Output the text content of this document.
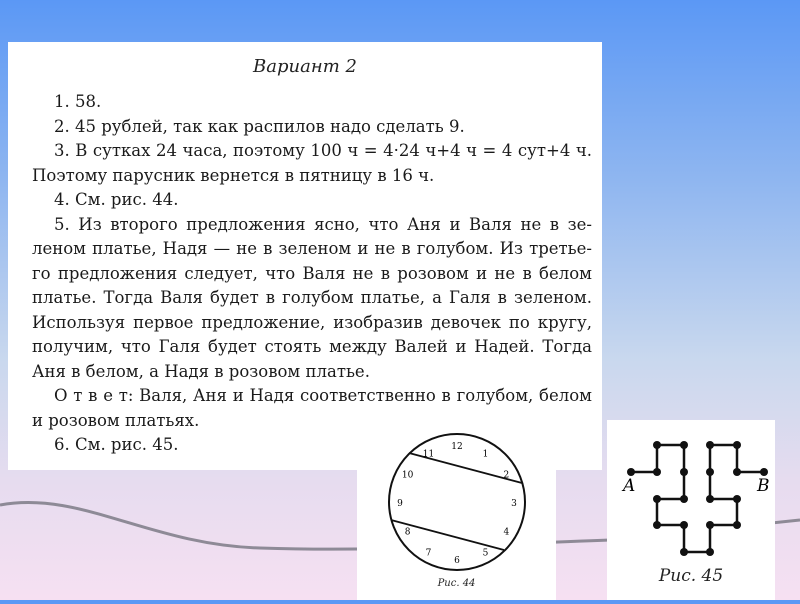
Вариант 2
1. 58.
2. 45 рублей, так как распилов надо сделать 9.
3. В сутках 24 часа, поэтому 100 ч = 4·24 ч+4 ч = 4 сут+4 ч.
Поэтому парусник вернется в пятницу в 16 ч.
4. См. рис. 44.
5. Из второго предложения ясно, что Аня и Валя не в зе-
леном платье, Надя — не в зеленом и не в голубом. Из третье-
го предложения следует, что Валя не в розовом и не в белом
платье. Тогда Валя будет в голубом платье, а Галя в зеленом.
Используя первое предложение, изобразив девочек по кругу,
получим, что Галя будет стоять между Валей и Надей. Тогда
Аня в белом, а Надя в розовом платье.
О т в е т: Валя, Аня и Надя соответственно в голубом, белом
и розовом платьях.
6. См. рис. 45.	12
1
2
3
4
5
6
7
8
9
10
11
Рис. 44
A	B
Рис. 45
